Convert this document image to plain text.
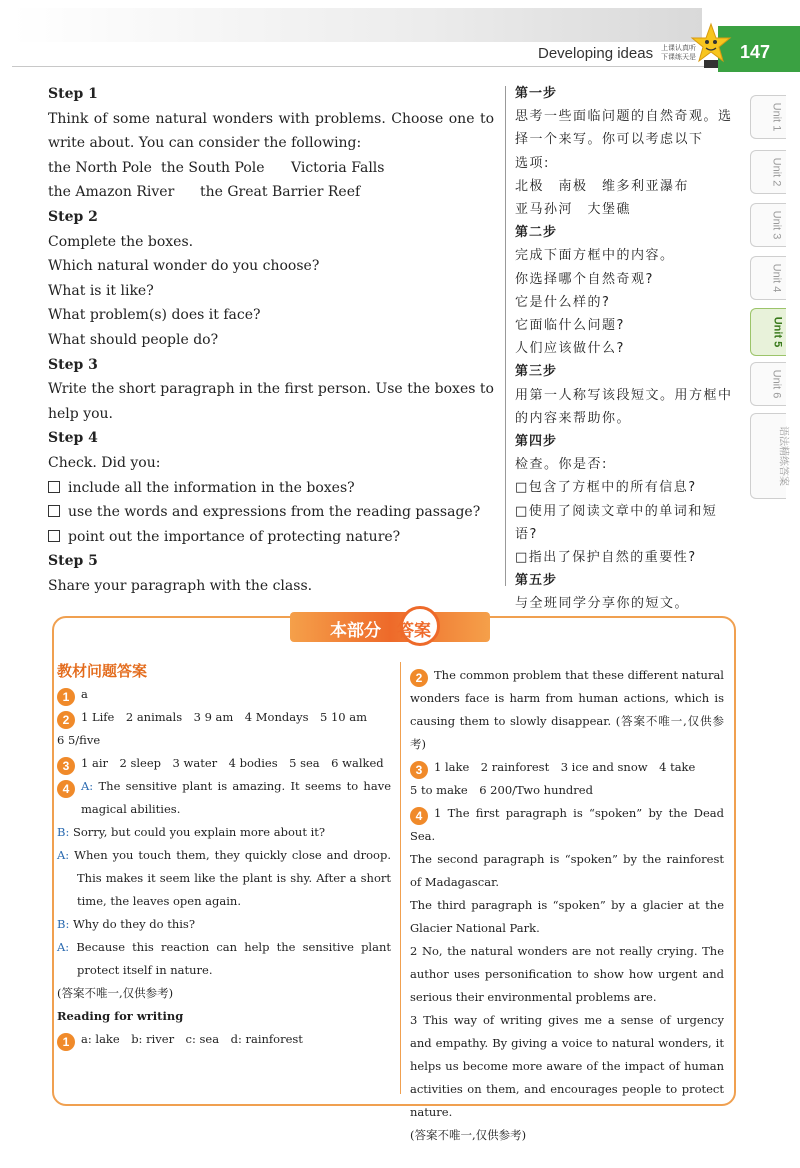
Developing ideas 上课认真听
下课练天是	147
Unit 1
Unit 2
Unit 3
Unit 4
Unit 5
Unit 6
语法精练答案
Step 1
Think of some natural wonders with problems. Choose one to write about. You can consider the following:
the North Pole the South Pole Victoria Falls
the Amazon River the Great Barrier Reef
Step 2
Complete the boxes.
Which natural wonder do you choose?
What is it like?
What problem(s) does it face?
What should people do?
Step 3
Write the short paragraph in the first person. Use the boxes to help you.
Step 4
Check. Did you:
include all the information in the boxes?
use the words and expressions from the reading passage?
point out the importance of protecting nature?
Step 5
Share your paragraph with the class.
第一步
思考一些面临问题的自然奇观。选
择一个来写。你可以考虑以下
选项:
北极　南极　维多利亚瀑布
亚马孙河　大堡礁
第二步
完成下面方框中的内容。
你选择哪个自然奇观?
它是什么样的?
它面临什么问题?
人们应该做什么?
第三步
用第一人称写该段短文。用方框中
的内容来帮助你。
第四步
检查。你是否:
□包含了方框中的所有信息?
□使用了阅读文章中的单词和短语?
□指出了保护自然的重要性?
第五步
与全班同学分享你的短文。
本部分 答案

教材问题答案

1 a

2 1 Life　2 animals　3 9 am　4 Mondays　5 10 am

6 5/five

3 1 air　2 sleep　3 water　4 bodies　5 sea　6 walked

4 A: The sensitive plant is amazing. It seems to have magical abilities.

B: Sorry, but could you explain more about it?

A: When you touch them, they quickly close and droop. This makes it seem like the plant is shy. After a short time, the leaves open again.

B: Why do they do this?

A: Because this reaction can help the sensitive plant protect itself in nature.

(答案不唯一,仅供参考)

Reading for writing

1 a: lake　b: river　c: sea　d: rainforest

2 The common problem that these different natural wonders face is harm from human actions, which is causing them to slowly disappear. (答案不唯一,仅供参考)

3 1 lake　2 rainforest　3 ice and snow　4 take

5 to make　6 200/Two hundred

4 1 The first paragraph is “spoken” by the Dead Sea.

The second paragraph is “spoken” by the rainforest of Madagascar.

The third paragraph is “spoken” by a glacier at the Glacier National Park.

2 No, the natural wonders are not really crying. The author uses personification to show how urgent and serious their environmental problems are.

3 This way of writing gives me a sense of urgency and empathy. By giving a voice to natural wonders, it helps us become more aware of the impact of human activities on them, and encourages people to protect nature.

(答案不唯一,仅供参考)
